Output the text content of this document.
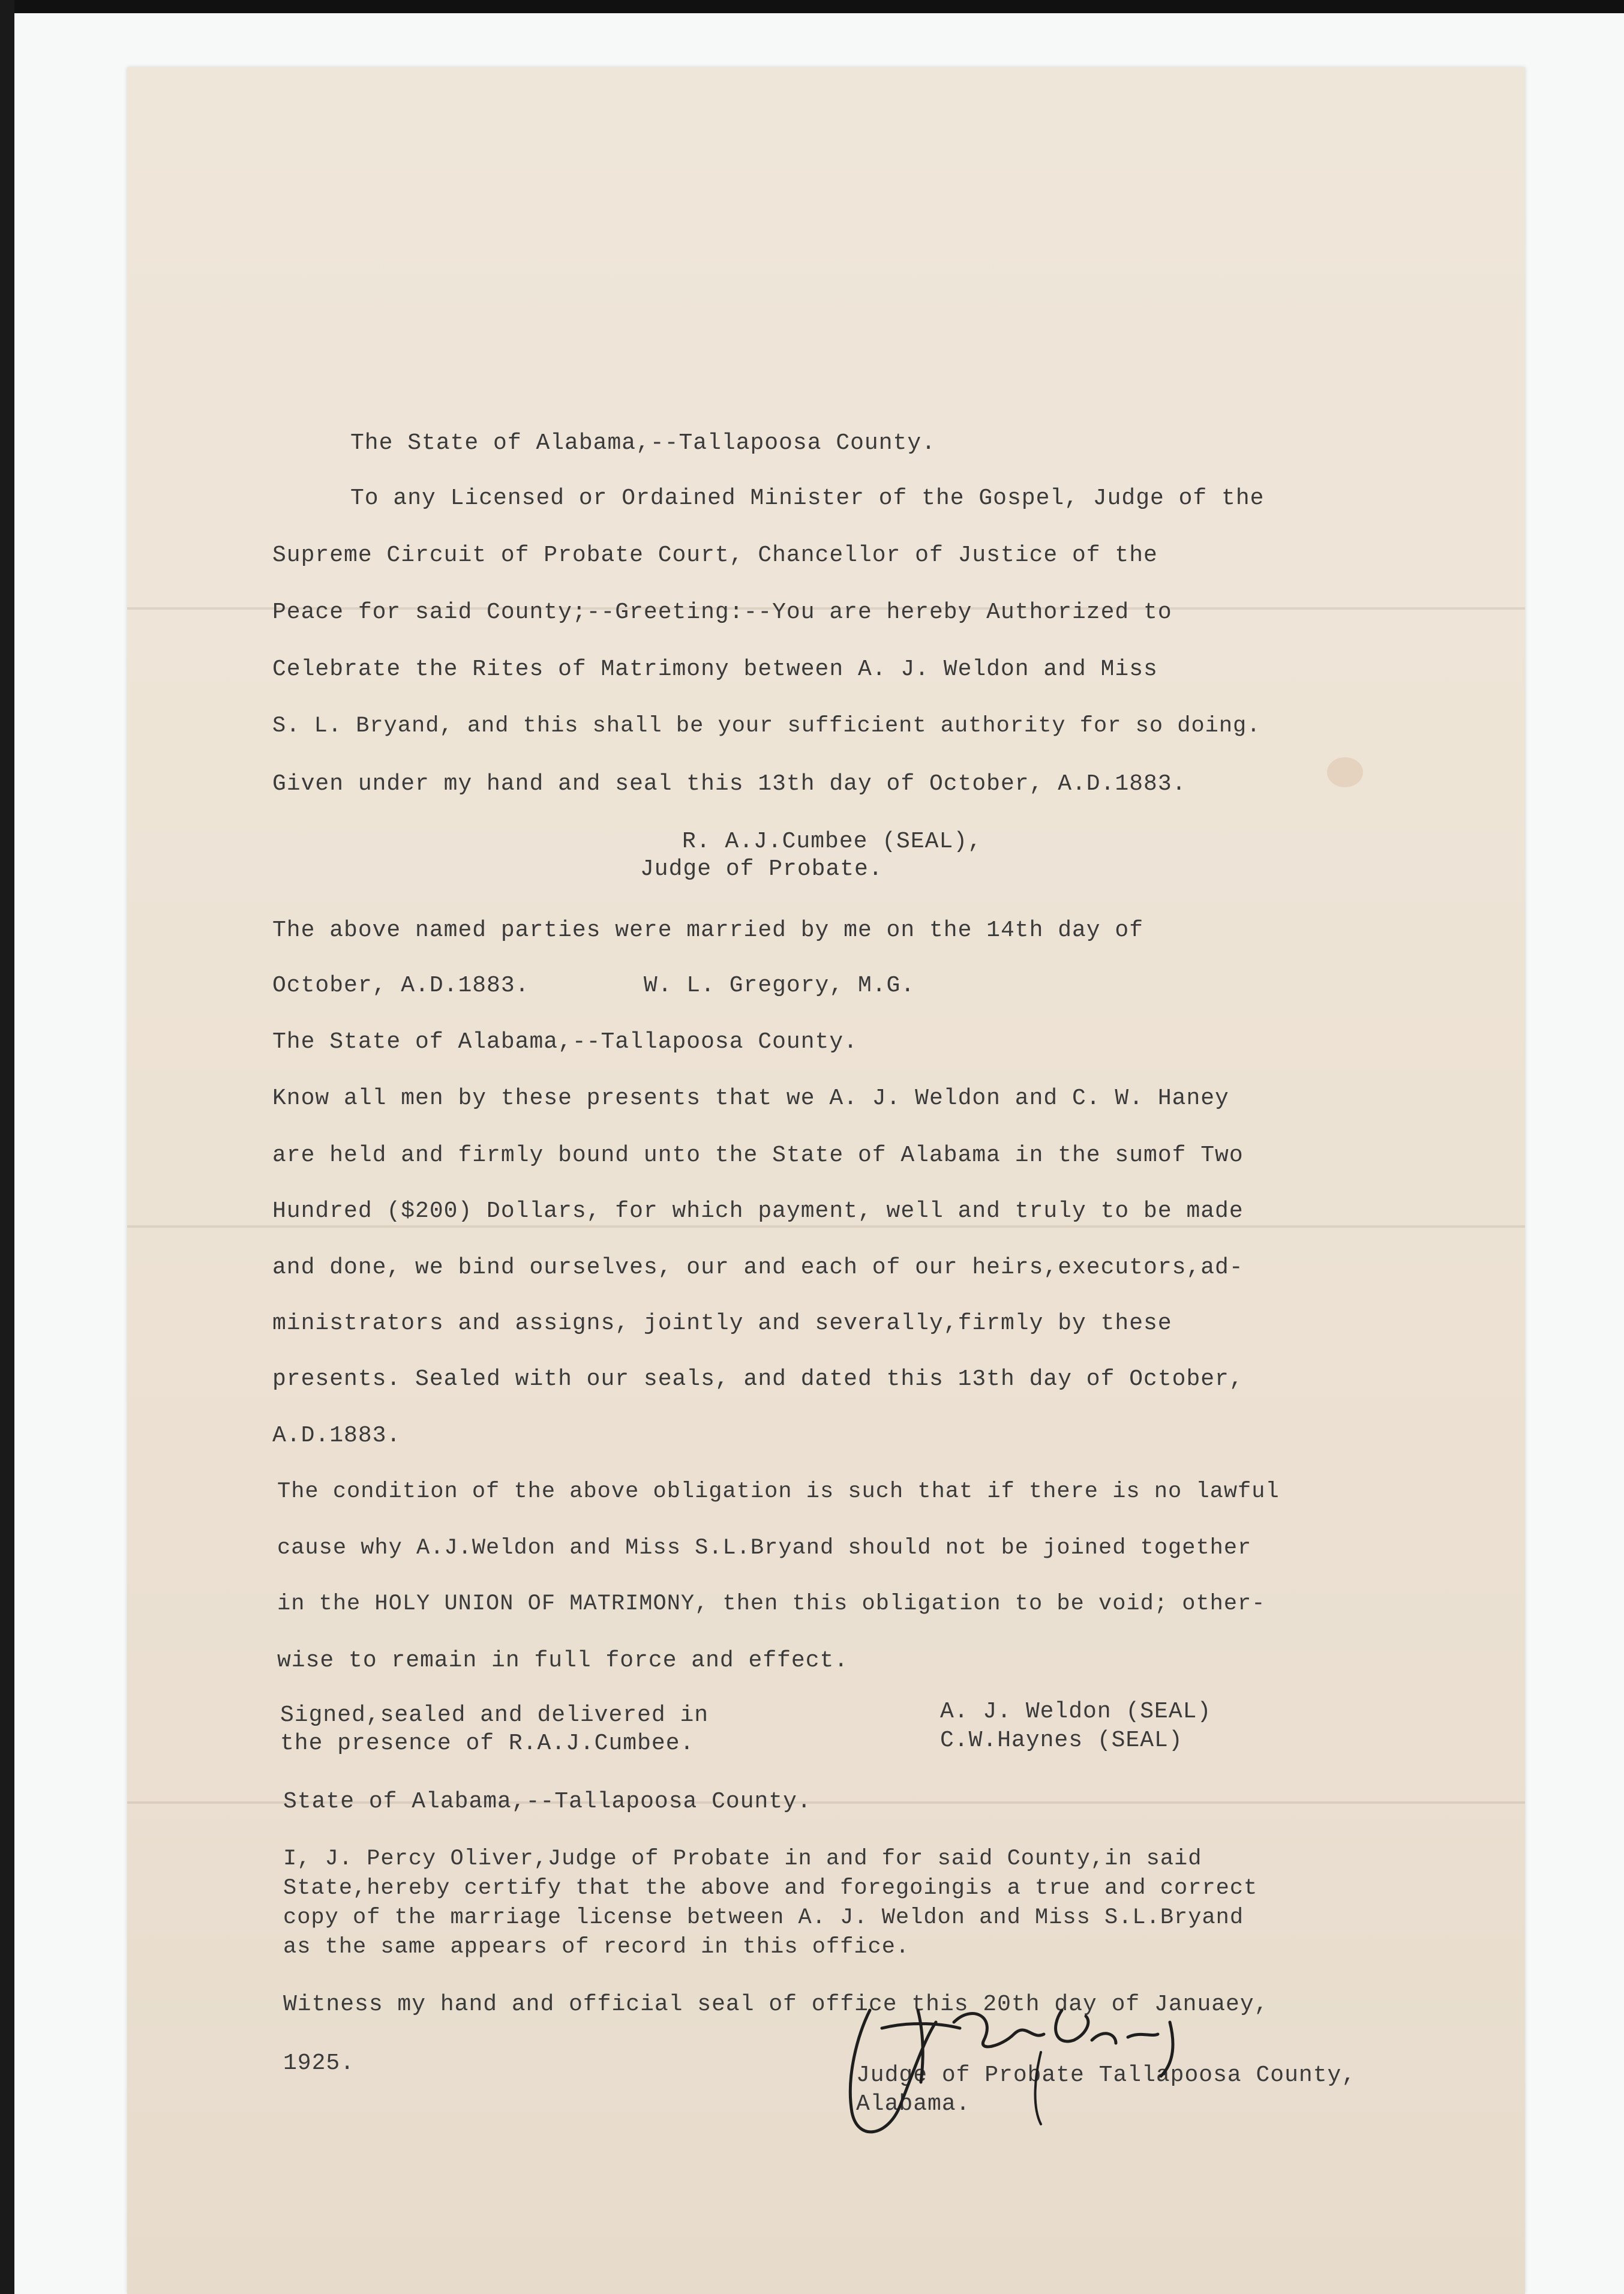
The State of Alabama,--Tallapoosa County.

To any Licensed or Ordained Minister of the Gospel, Judge of the

Supreme Circuit of Probate Court, Chancellor of Justice of the

Peace for said County;--Greeting:--You are hereby Authorized to

Celebrate the Rites of Matrimony between A. J. Weldon and Miss

S. L. Bryand, and this shall be your sufficient authority for so doing.

Given under my hand and seal this 13th day of October, A.D.1883.

R. A.J.Cumbee (SEAL),

Judge of Probate.

The above named parties were married by me on the 14th day of

October, A.D.1883.        W. L. Gregory, M.G.

The State of Alabama,--Tallapoosa County.

Know all men by these presents that we A. J. Weldon and C. W. Haney

are held and firmly bound unto the State of Alabama in the sumof Two

Hundred ($200) Dollars, for which payment, well and truly to be made

and done, we bind ourselves, our and each of our heirs,executors,ad-

ministrators and assigns, jointly and severally,firmly by these

presents. Sealed with our seals, and dated this 13th day of October,

A.D.1883.

The condition of the above obligation is such that if there is no lawful

cause why A.J.Weldon and Miss S.L.Bryand should not be joined together

in the HOLY UNION OF MATRIMONY, then this obligation to be void; other-

wise to remain in full force and effect.

Signed,sealed and delivered in

the presence of R.A.J.Cumbee.

A. J. Weldon (SEAL)

C.W.Haynes (SEAL)

State of Alabama,--Tallapoosa County.

I, J. Percy Oliver,Judge of Probate in and for said County,in said

State,hereby certify that the above and foregoingis a true and correct

copy of the marriage license between A. J. Weldon and Miss S.L.Bryand

as the same appears of record in this office.

Witness my hand and official seal of office this 20th day of Januaey,

1925.	Judge of Probate Tallapoosa County,

Alabama.
